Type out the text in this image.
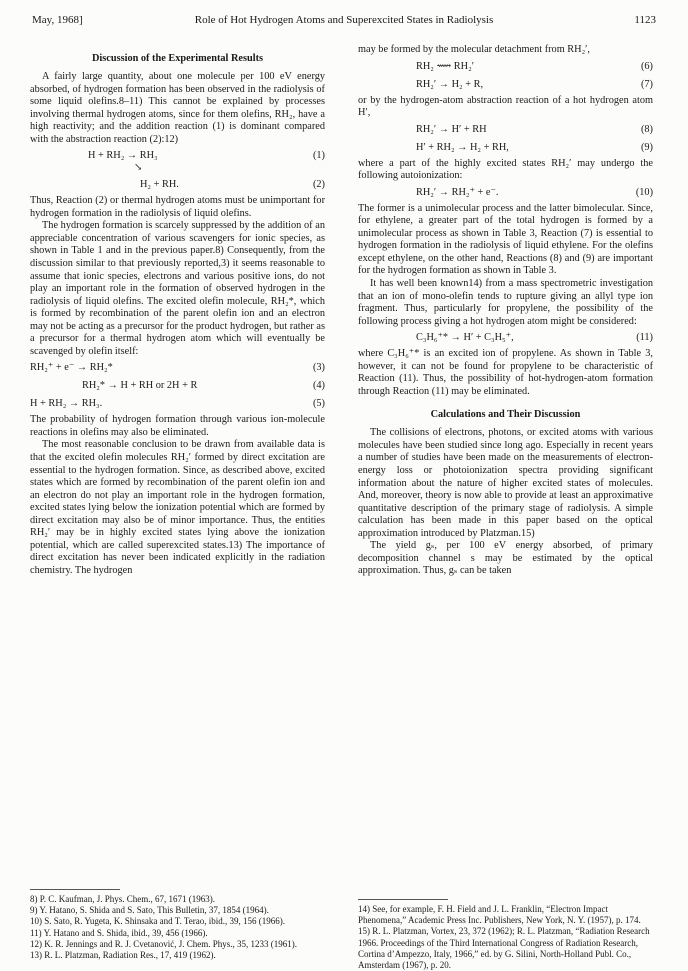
May, 1968]	Role of Hot Hydrogen Atoms and Superexcited States in Radiolysis	1123
Discussion of the Experimental Results

A fairly large quantity, about one molecule per 100 eV energy absorbed, of hydrogen formation has been observed in the radiolysis of some liquid olefins.8–11) This cannot be explained by processes involving thermal hydrogen atoms, since for them olefins, RH₂, have a high reactivity; and the addition reaction (1) is dominant compared with the abstraction reaction (2):12)

H + RH₂ → RH₃	(1)
↘
H₂ + RH.	(2)

Thus, Reaction (2) or thermal hydrogen atoms must be unimportant for hydrogen formation in the radiolysis of liquid olefins.

The hydrogen formation is scarcely suppressed by the addition of an appreciable concentration of various scavengers for ionic species, as shown in Table 1 and in the previous paper.8) Consequently, from the discussion similar to that previously reported,3) it seems reasonable to assume that ionic species, electrons and various positive ions, do not play an important role in the formation of observed hydrogen in the radiolysis of liquid olefins. The excited olefin molecule, RH₂*, which is formed by recombination of the parent olefin ion and an electron may not be acting as a precursor for the product hydrogen, but rather as a precursor for a thermal hydrogen atom which will eventually be scavenged by olefin itself:

RH₂⁺ + e⁻ → RH₂*	(3)
RH₂* → H + RH or 2H + R	(4)
H + RH₂ → RH₃.	(5)

The probability of hydrogen formation through various ion-molecule reactions in olefins may also be eliminated.

The most reasonable conclusion to be drawn from available data is that the excited olefin molecules RH₂′ formed by direct excitation are essential to the hydrogen formation. Since, as described above, excited states which are formed by recombination of the parent olefin ion and an electron do not play an important role in the hydrogen formation, excited states lying below the ionization potential which are formed by direct excitation may also be of minor importance. Thus, the entities RH₂′ may be in highly excited states lying above the ionization potential, which are called superexcited states.13) The importance of direct excitation has never been indicated explicitly in the radiation chemistry. The hydrogen

8) P. C. Kaufman, J. Phys. Chem., 67, 1671 (1963).
9) Y. Hatano, S. Shida and S. Sato, This Bulletin, 37, 1854 (1964).
10) S. Sato, R. Yugeta, K. Shinsaka and T. Terao, ibid., 39, 156 (1966).
11) Y. Hatano and S. Shida, ibid., 39, 456 (1966).
12) K. R. Jennings and R. J. Cvetanović, J. Chem. Phys., 35, 1233 (1961).
13) R. L. Platzman, Radiation Res., 17, 419 (1962).

may be formed by the molecular detachment from RH₂′,

RH₂ ⟿ RH₂′	(6)
RH₂′ → H₂ + R,	(7)

or by the hydrogen-atom abstraction reaction of a hot hydrogen atom H′,

RH₂′ → H′ + RH	(8)
H′ + RH₂ → H₂ + RH,	(9)

where a part of the highly excited states RH₂′ may undergo the following autoionization:

RH₂′ → RH₂⁺ + e⁻.	(10)

The former is a unimolecular process and the latter bimolecular. Since, for ethylene, a greater part of the total hydrogen is formed by a unimolecular process as shown in Table 3, Reaction (7) is essential to hydrogen formation in the radiolysis of liquid ethylene. For the olefins except ethylene, on the other hand, Reactions (8) and (9) are important for the hydrogen formation as shown in Table 3.

It has well been known14) from a mass spectrometric investigation that an ion of mono-olefin tends to rupture giving an allyl type ion fragment. Thus, particularly for propylene, the possibility of the following process giving a hot hydrogen atom might be considered:

C₃H₆⁺* → H′ + C₃H₅⁺,	(11)

where C₃H₆⁺* is an excited ion of propylene. As shown in Table 3, however, it can not be found for propylene to be characteristic of Reaction (11). Thus, the possibility of hot-hydrogen-atom formation through Reaction (11) may be eliminated.

Calculations and Their Discussion

The collisions of electrons, photons, or excited atoms with various molecules have been studied since long ago. Especially in recent years a number of studies have been made on the measurements of electron-energy loss or photoionization spectra providing significant information about the nature of higher excited states of molecules. And, moreover, theory is now able to provide at least an approximative quantitative description of the primary stage of radiolysis. A simple calculation has been made in this paper based on the optical approximation introduced by Platzman.15)

The yield gₛ, per 100 eV energy absorbed, of primary decomposition channel s may be estimated by the optical approximation. Thus, gₛ can be taken

14) See, for example, F. H. Field and J. L. Franklin, “Electron Impact Phenomena,” Academic Press Inc. Publishers, New York, N. Y. (1957), p. 174.
15) R. L. Platzman, Vortex, 23, 372 (1962); R. L. Platzman, “Radiation Research 1966. Proceedings of the Third International Congress of Radiation Research, Cortina d’Ampezzo, Italy, 1966,” ed. by G. Silini, North-Holland Publ. Co., Amsterdam (1967), p. 20.
